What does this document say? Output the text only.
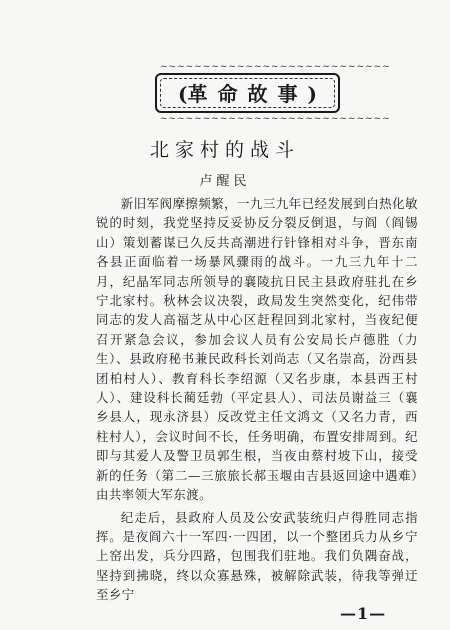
~~~~~~~~~~~~~~~~~~~~~~~~~~~
(革命故事)
~~~~~~~~~~~~~~~~~~~~~~~~~~~
北家村的战斗
卢醒民

新旧军阀摩擦频繁，一九三九年已经发展到白热化敏锐的时刻，我党坚持反妥协反分裂反倒退，与阎（阎锡山）策划蓄谋已久反共高潮进行针锋相对斗争，晋东南各县正面临着一场暴风骤雨的战斗。一九三九年十二月，纪晶军同志所领导的襄陵抗日民主县政府驻扎在乡宁北家村。秋林会议决裂，政局发生突然变化，纪伟带同志的发人高福芝从中心区赶程回到北家村，当夜纪便召开紧急会议，参加会议人员有公安局长卢德胜（力生）、县政府秘书兼民政科长刘尚志（又名崇高，汾西县团柏村人）、教育科长李绍源（又名步康，本县西王村人）、建设科长蔺廷勃（平定县人）、司法员谢益三（襄乡县人，现永济县）反改党主任文鸿文（又名力青，西柱村人），会议时间不长，任务明确，布置安排周到。纪即与其爱人及警卫员郭生根，当夜由蔡村坡下山，接受新的任务（第二—三旅旅长郝玉堰由吉县返回途中遇难）由共率领大军东渡。

纪走后，县政府人员及公安武装统归卢得胜同志指挥。是夜阎六十一军四·一四团，以一个整团兵力从乡宁上窑出发，兵分四路，包围我们驻地。我们负隅奋战，坚持到拂晓，终以众寡悬殊，被解除武装，待我等弹迂至乡宁

—1—
